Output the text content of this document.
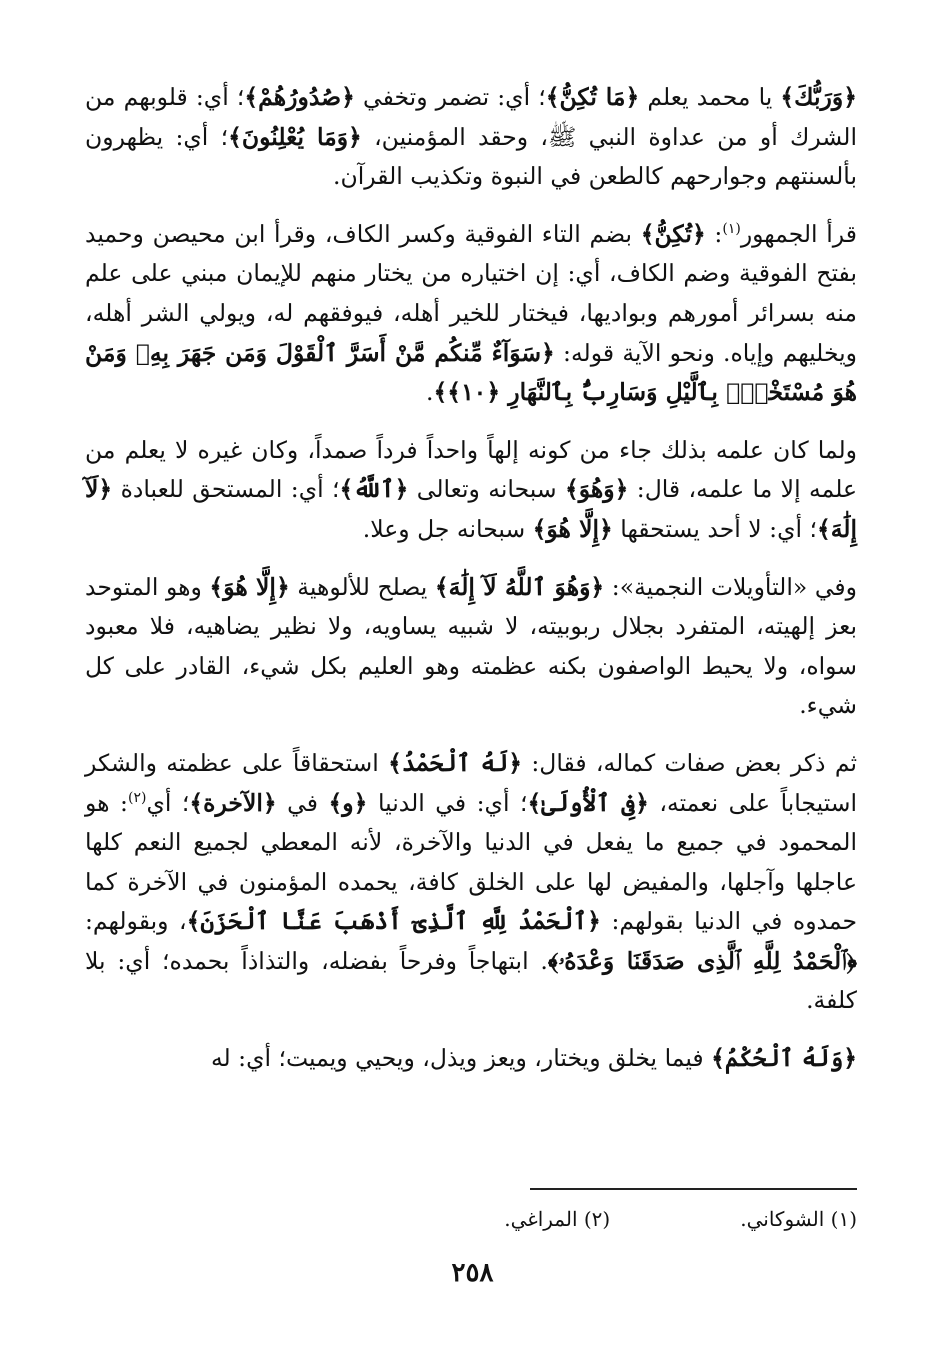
﴿وَرَبُّكَ﴾ يا محمد يعلم ﴿مَا تُكِنُّ﴾؛ أي: تضمر وتخفي ﴿صُدُورُهُمْ﴾؛ أي: قلوبهم من الشرك أو من عداوة النبي ﷺ، وحقد المؤمنين، ﴿وَمَا يُعْلِنُونَ﴾؛ أي: يظهرون بألسنتهم وجوارحهم كالطعن في النبوة وتكذيب القرآن.

قرأ الجمهور$^{(١)}$: ﴿تُكِنُّ﴾ بضم التاء الفوقية وكسر الكاف، وقرأ ابن محيصن وحميد بفتح الفوقية وضم الكاف، أي: إن اختياره من يختار منهم للإيمان مبني على علم منه بسرائر أمورهم وبواديها، فيختار للخير أهله، فيوفقهم له، ويولي الشر أهله، ويخليهم وإياه. ونحو الآية قوله: ﴿سَوَآءٌ مِّنكُم مَّنْ أَسَرَّ ٱلْقَوْلَ وَمَن جَهَرَ بِهِۦ وَمَنْ هُوَ مُسْتَخْفٍۭ بِٱلَّيْلِ وَسَارِبٌۢ بِٱلنَّهَارِ ﴿١٠﴾﴾.

ولما كان علمه بذلك جاء من كونه إلهاً واحداً فرداً صمداً، وكان غيره لا يعلم من علمه إلا ما علمه، قال: ﴿وَهُوَ﴾ سبحانه وتعالى ﴿ٱللَّهُ﴾؛ أي: المستحق للعبادة ﴿لَآ إِلَٰهَ﴾؛ أي: لا أحد يستحقها ﴿إِلَّا هُوَ﴾ سبحانه جل وعلا.

وفي «التأويلات النجمية»: ﴿وَهُوَ ٱللَّهُ لَآ إِلَٰهَ﴾ يصلح للألوهية ﴿إِلَّا هُوَ﴾ وهو المتوحد بعز إلهيته، المتفرد بجلال ربوبيته، لا شبيه يساويه، ولا نظير يضاهيه، فلا معبود سواه، ولا يحيط الواصفون بكنه عظمته وهو العليم بكل شيء، القادر على كل شيء.

ثم ذكر بعض صفات كماله، فقال: ﴿لَهُ ٱلْحَمْدُ﴾ استحقاقاً على عظمته والشكر استيجاباً على نعمته، ﴿فِى ٱلْأُولَىٰ﴾؛ أي: في الدنيا ﴿و﴾ في ﴿الآخرة﴾؛ أي$^{(٢)}$: هو المحمود في جميع ما يفعل في الدنيا والآخرة، لأنه المعطي لجميع النعم كلها عاجلها وآجلها، والمفيض لها على الخلق كافة، يحمده المؤمنون في الآخرة كما حمدوه في الدنيا بقولهم: ﴿ٱلْحَمْدُ لِلَّهِ ٱلَّذِىٓ أَذْهَبَ عَنَّا ٱلْحَزَنَ﴾، وبقولهم: ﴿ٱلْحَمْدُ لِلَّهِ ٱلَّذِى صَدَقَنَا وَعْدَهُۥ﴾. ابتهاجاً وفرحاً بفضله، والتذاذاً بحمده؛ أي: بلا كلفة.

﴿وَلَهُ ٱلْحُكْمُ﴾ فيما يخلق ويختار، ويعز ويذل، ويحيي ويميت؛ أي: له

(١) الشوكاني.(٢) المراغي.
٢٥٨
